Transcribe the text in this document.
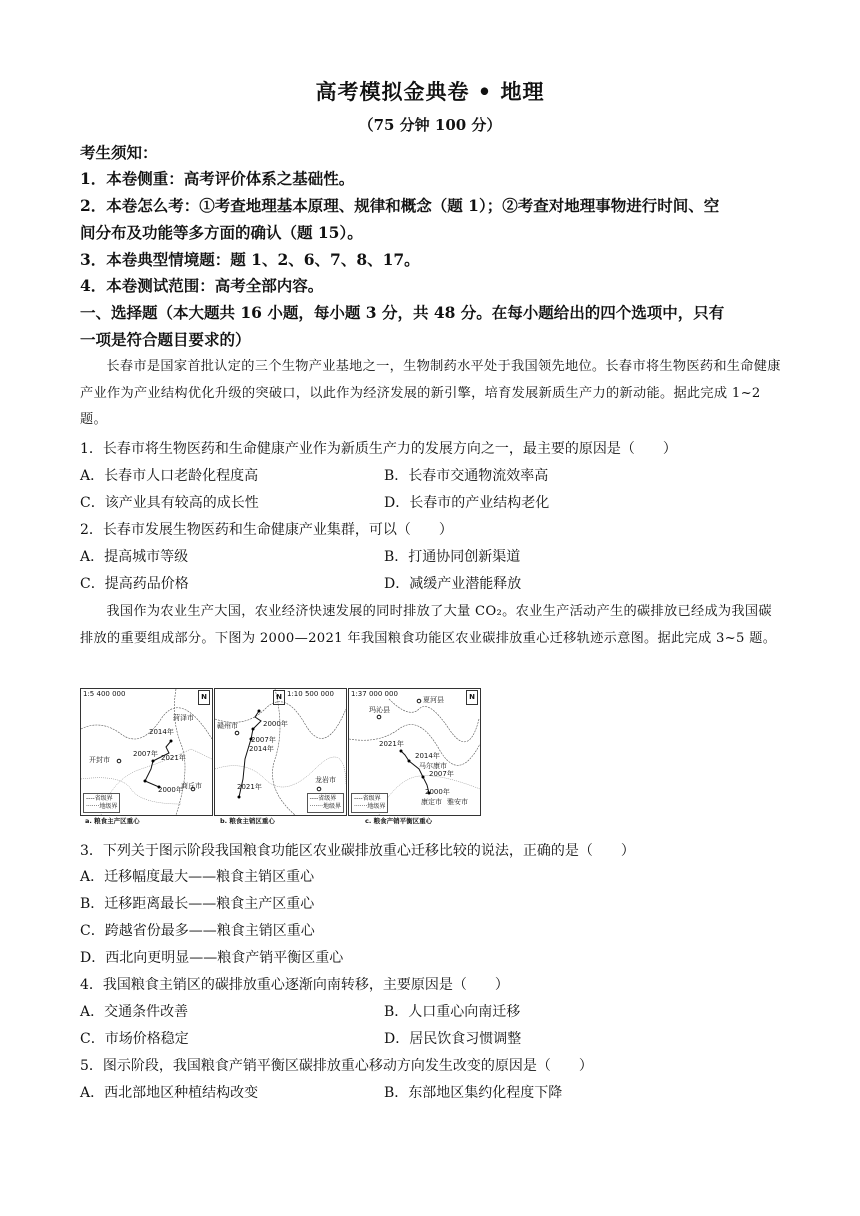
高考模拟金典卷 • 地理
（75 分钟 100 分）
考生须知：
1．本卷侧重：高考评价体系之基础性。
2．本卷怎么考：①考查地理基本原理、规律和概念（题 1）；②考查对地理事物进行时间、空
间分布及功能等多方面的确认（题 15）。
3．本卷典型情境题：题 1、2、6、7、8、17。
4．本卷测试范围：高考全部内容。
一、选择题（本大题共 16 小题，每小题 3 分，共 48 分。在每小题给出的四个选项中，只有
一项是符合题目要求的）
长春市是国家首批认定的三个生物产业基地之一，生物制药水平处于我国领先地位。长春市将生物医药和生命健康产业作为产业结构优化升级的突破口，以此作为经济发展的新引擎，培育发展新质生产力的新动能。据此完成 1~2 题。
1．长春市将生物医药和生命健康产业作为新质生产力的发展方向之一，最主要的原因是（　　）
A．长春市人口老龄化程度高	B．长春市交通物流效率高
C．该产业具有较高的成长性	D．长春市的产业结构老化
2．长春市发展生物医药和生命健康产业集群，可以（　　）
A．提高城市等级	B．打通协同创新渠道
C．提高药品价格	D．减缓产业潜能释放
我国作为农业生产大国，农业经济快速发展的同时排放了大量 CO₂。农业生产活动产生的碳排放已经成为我国碳排放的重要组成部分。下图为 2000—2021 年我国粮食功能区农业碳排放重心迁移轨迹示意图。据此完成 3~5 题。
1:5 400 000	N
菏泽市
2014年
2007年 2021年
开封市
2000年
商丘市
----省级界
·······地级界
a. 粮食主产区重心
1:10 500 000
N
2000年
赣州市
2007年
2014年
2021年
龙岩市
----省级界
·······地级界
b. 粮食主销区重心
1:37 000 000	N
夏河县
玛沁县
2021年
2014年
马尔康市
2007年
2000年
康定市 雅安市
----省级界
·······地级界
c. 粮食产销平衡区重心
3．下列关于图示阶段我国粮食功能区农业碳排放重心迁移比较的说法，正确的是（　　）
A．迁移幅度最大——粮食主销区重心
B．迁移距离最长——粮食主产区重心
C．跨越省份最多——粮食主销区重心
D．西北向更明显——粮食产销平衡区重心
4．我国粮食主销区的碳排放重心逐渐向南转移，主要原因是（　　）
A．交通条件改善	B．人口重心向南迁移
C．市场价格稳定	D．居民饮食习惯调整
5．图示阶段，我国粮食产销平衡区碳排放重心移动方向发生改变的原因是（　　）
A．西北部地区种植结构改变	B．东部地区集约化程度下降
